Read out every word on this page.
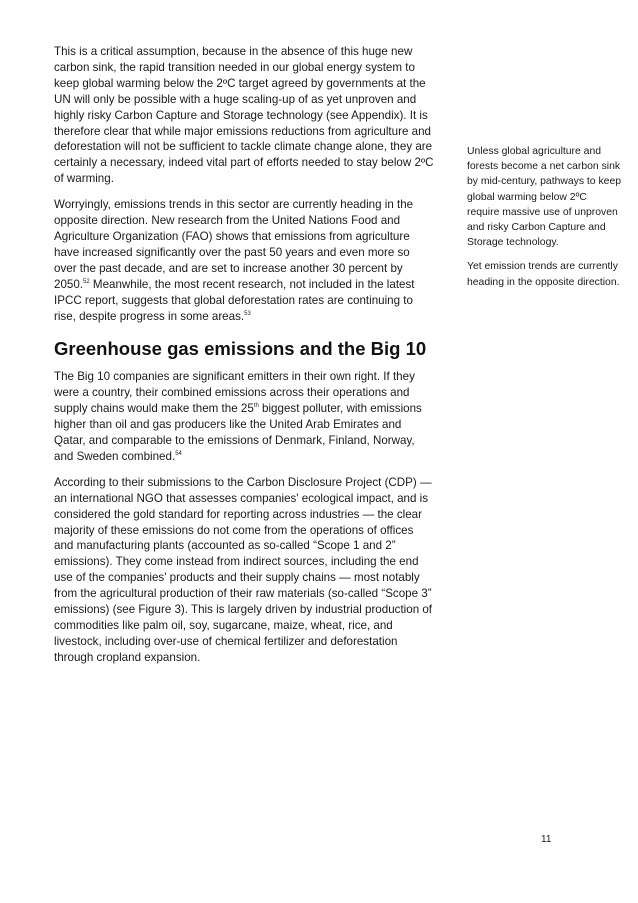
This is a critical assumption, because in the absence of this huge new carbon sink, the rapid transition needed in our global energy system to keep global warming below the 2ºC target agreed by governments at the UN will only be possible with a huge scaling-up of as yet unproven and highly risky Carbon Capture and Storage technology (see Appendix). It is therefore clear that while major emissions reductions from agriculture and deforestation will not be sufficient to tackle climate change alone, they are certainly a necessary, indeed vital part of efforts needed to stay below 2ºC of warming.

Worryingly, emissions trends in this sector are currently heading in the opposite direction. New research from the United Nations Food and Agriculture Organization (FAO) shows that emissions from agriculture have increased significantly over the past 50 years and even more so over the past decade, and are set to increase another 30 percent by 2050.52 Meanwhile, the most recent research, not included in the latest IPCC report, suggests that global deforestation rates are continuing to rise, despite progress in some areas.$^{53}$

Greenhouse gas emissions and the Big 10

The Big 10 companies are significant emitters in their own right. If they were a country, their combined emissions across their operations and supply chains would make them the 25th biggest polluter, with emissions higher than oil and gas producers like the United Arab Emirates and Qatar, and comparable to the emissions of Denmark, Finland, Norway, and Sweden combined.$^{54}$

According to their submissions to the Carbon Disclosure Project (CDP) — an international NGO that assesses companies' ecological impact, and is considered the gold standard for reporting across industries — the clear majority of these emissions do not come from the operations of offices and manufacturing plants (accounted as so-called “Scope 1 and 2” emissions). They come instead from indirect sources, including the end use of the companies' products and their supply chains — most notably from the agricultural production of their raw materials (so-called “Scope 3” emissions) (see Figure 3). This is largely driven by industrial production of commodities like palm oil, soy, sugarcane, maize, wheat, rice, and livestock, including over-use of chemical fertilizer and deforestation through cropland expansion.

Unless global agriculture and forests become a net carbon sink by mid-century, pathways to keep global warming below 2ºC require massive use of unproven and risky Carbon Capture and Storage technology.

Yet emission trends are currently heading in the opposite direction.

11
